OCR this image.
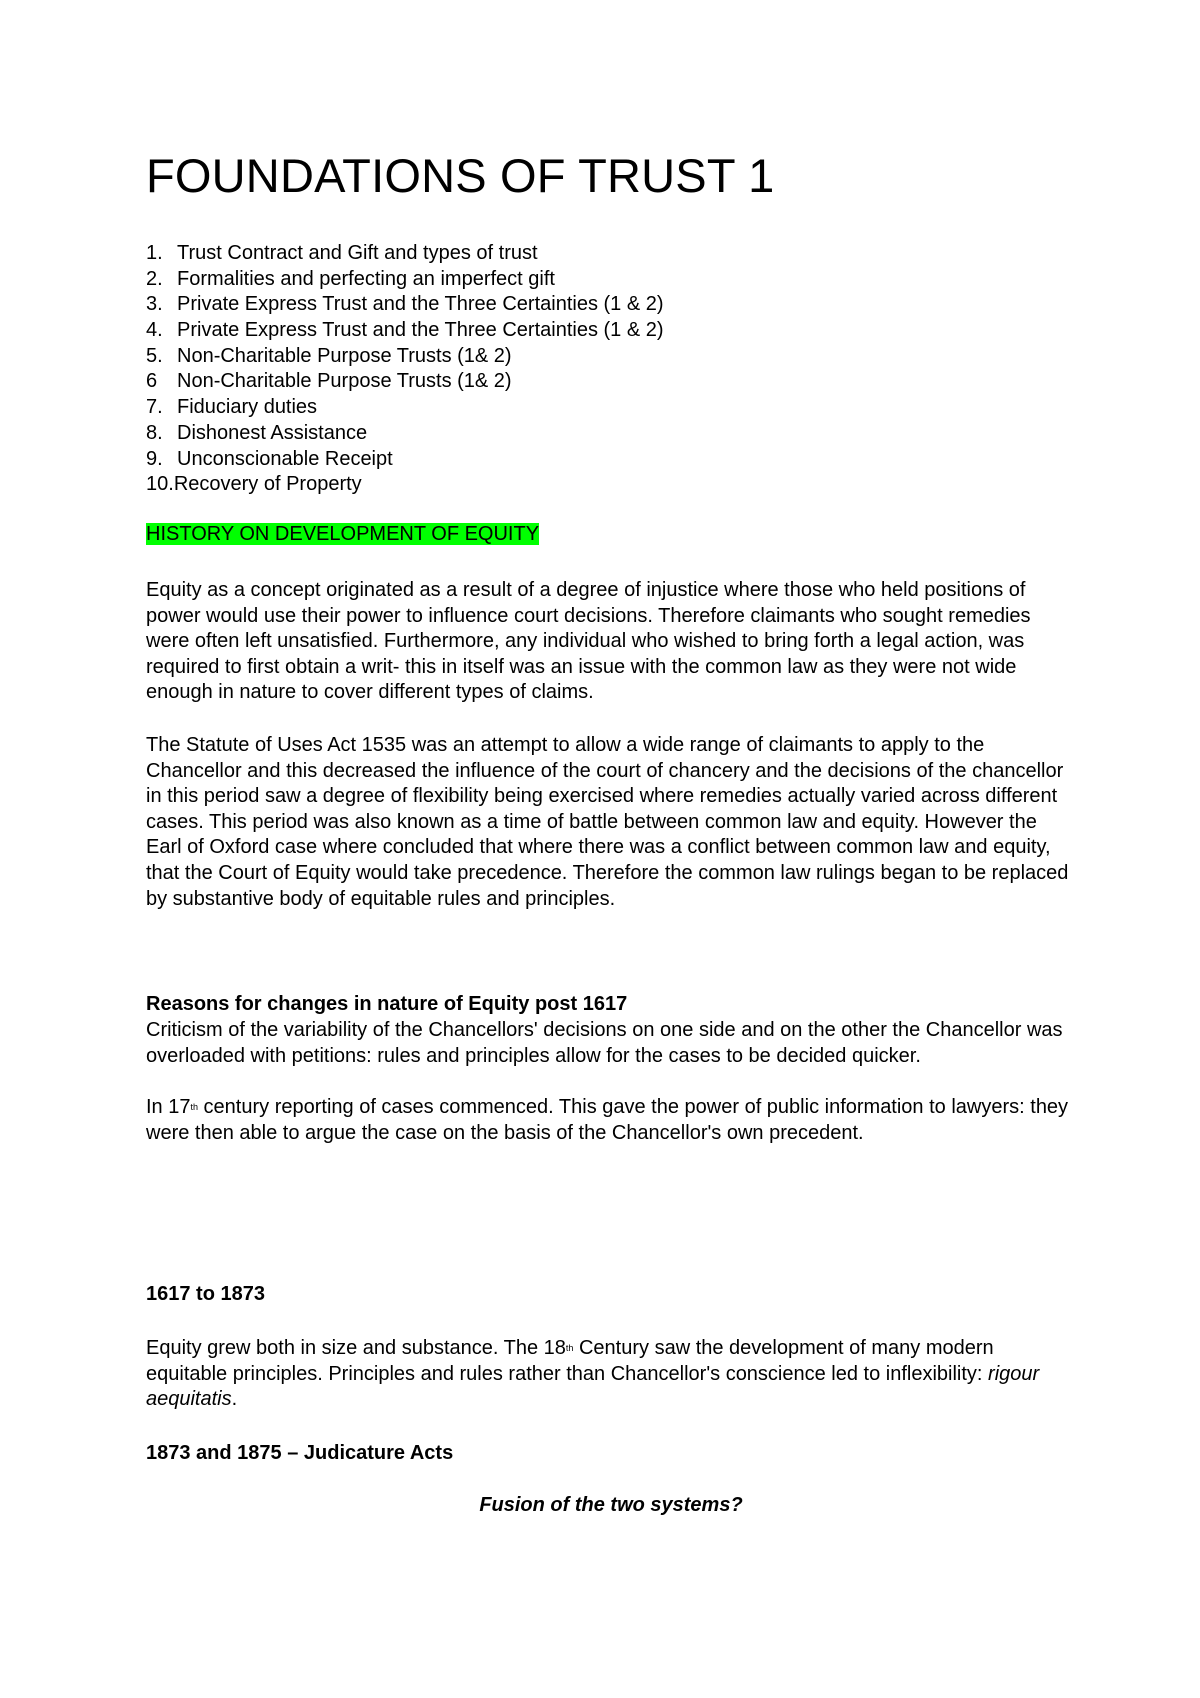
FOUNDATIONS OF TRUST 1
1. Trust Contract and Gift and types of trust
2. Formalities and perfecting an imperfect gift
3. Private Express Trust and the Three Certainties (1 & 2)
4. Private Express Trust and the Three Certainties (1 & 2)
5. Non-Charitable Purpose Trusts (1& 2)
6 Non-Charitable Purpose Trusts (1& 2)
7. Fiduciary duties
8. Dishonest Assistance
9. Unconscionable Receipt
10. Recovery of Property

HISTORY ON DEVELOPMENT OF EQUITY

Equity as a concept originated as a result of a degree of injustice where those who held positions of power would use their power to influence court decisions. Therefore claimants who sought remedies were often left unsatisfied. Furthermore, any individual who wished to bring forth a legal action, was required to first obtain a writ- this in itself was an issue with the common law as they were not wide enough in nature to cover different types of claims.

The Statute of Uses Act 1535 was an attempt to allow a wide range of claimants to apply to the Chancellor and this decreased the influence of the court of chancery and the decisions of the chancellor in this period saw a degree of flexibility being exercised where remedies actually varied across different cases. This period was also known as a time of battle between common law and equity. However the Earl of Oxford case where concluded that where there was a conflict between common law and equity, that the Court of Equity would take precedence. Therefore the common law rulings began to be replaced by substantive body of equitable rules and principles.

Reasons for changes in nature of Equity post 1617

Criticism of the variability of the Chancellors' decisions on one side and on the other the Chancellor was overloaded with petitions: rules and principles allow for the cases to be decided quicker.

In 17th century reporting of cases commenced. This gave the power of public information to lawyers: they were then able to argue the case on the basis of the Chancellor's own precedent.

1617 to 1873

Equity grew both in size and substance. The 18th Century saw the development of many modern equitable principles. Principles and rules rather than Chancellor's conscience led to inflexibility: rigour aequitatis.

1873 and 1875 – Judicature Acts

Fusion of the two systems?
